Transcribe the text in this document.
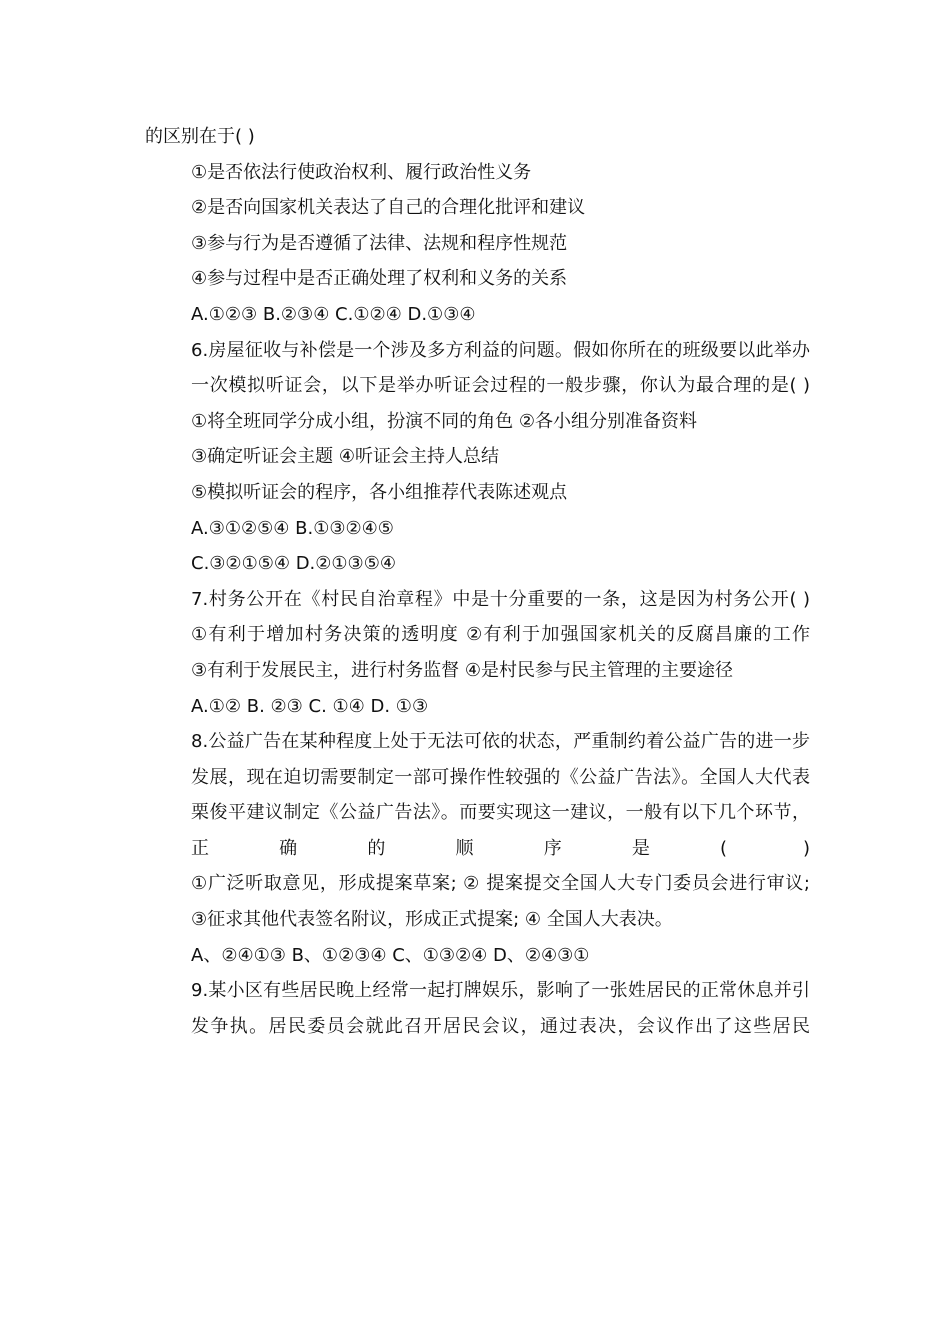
的区别在于( )

①是否依法行使政治权利、履行政治性义务

②是否向国家机关表达了自己的合理化批评和建议

③参与行为是否遵循了法律、法规和程序性规范

④参与过程中是否正确处理了权利和义务的关系

A.①②③ B.②③④ C.①②④ D.①③④

6.房屋征收与补偿是一个涉及多方利益的问题。假如你所在的班级要以此举办一次模拟听证会，以下是举办听证会过程的一般步骤，你认为最合理的是( )

①将全班同学分成小组，扮演不同的角色 ②各小组分别准备资料

③确定听证会主题 ④听证会主持人总结

⑤模拟听证会的程序，各小组推荐代表陈述观点

A.③①②⑤④ B.①③②④⑤

C.③②①⑤④ D.②①③⑤④

7.村务公开在《村民自治章程》中是十分重要的一条，这是因为村务公开( )

①有利于增加村务决策的透明度 ②有利于加强国家机关的反腐昌廉的工作

③有利于发展民主，进行村务监督 ④是村民参与民主管理的主要途径

A.①② B. ②③ C. ①④ D. ①③

8.公益广告在某种程度上处于无法可依的状态，严重制约着公益广告的进一步发展，现在迫切需要制定一部可操作性较强的《公益广告法》。全国人大代表栗俊平建议制定《公益广告法》。而要实现这一建议，一般有以下几个环节，正确的顺序是( )

①广泛听取意见，形成提案草案; ② 提案提交全国人大专门委员会进行审议;

③征求其他代表签名附议，形成正式提案; ④ 全国人大表决。

A、②④①③ B、①②③④ C、①③②④ D、②④③①

9.某小区有些居民晚上经常一起打牌娱乐，影响了一张姓居民的正常休息并引发争执。居民委员会就此召开居民会议，通过表决，会议作出了这些居民
